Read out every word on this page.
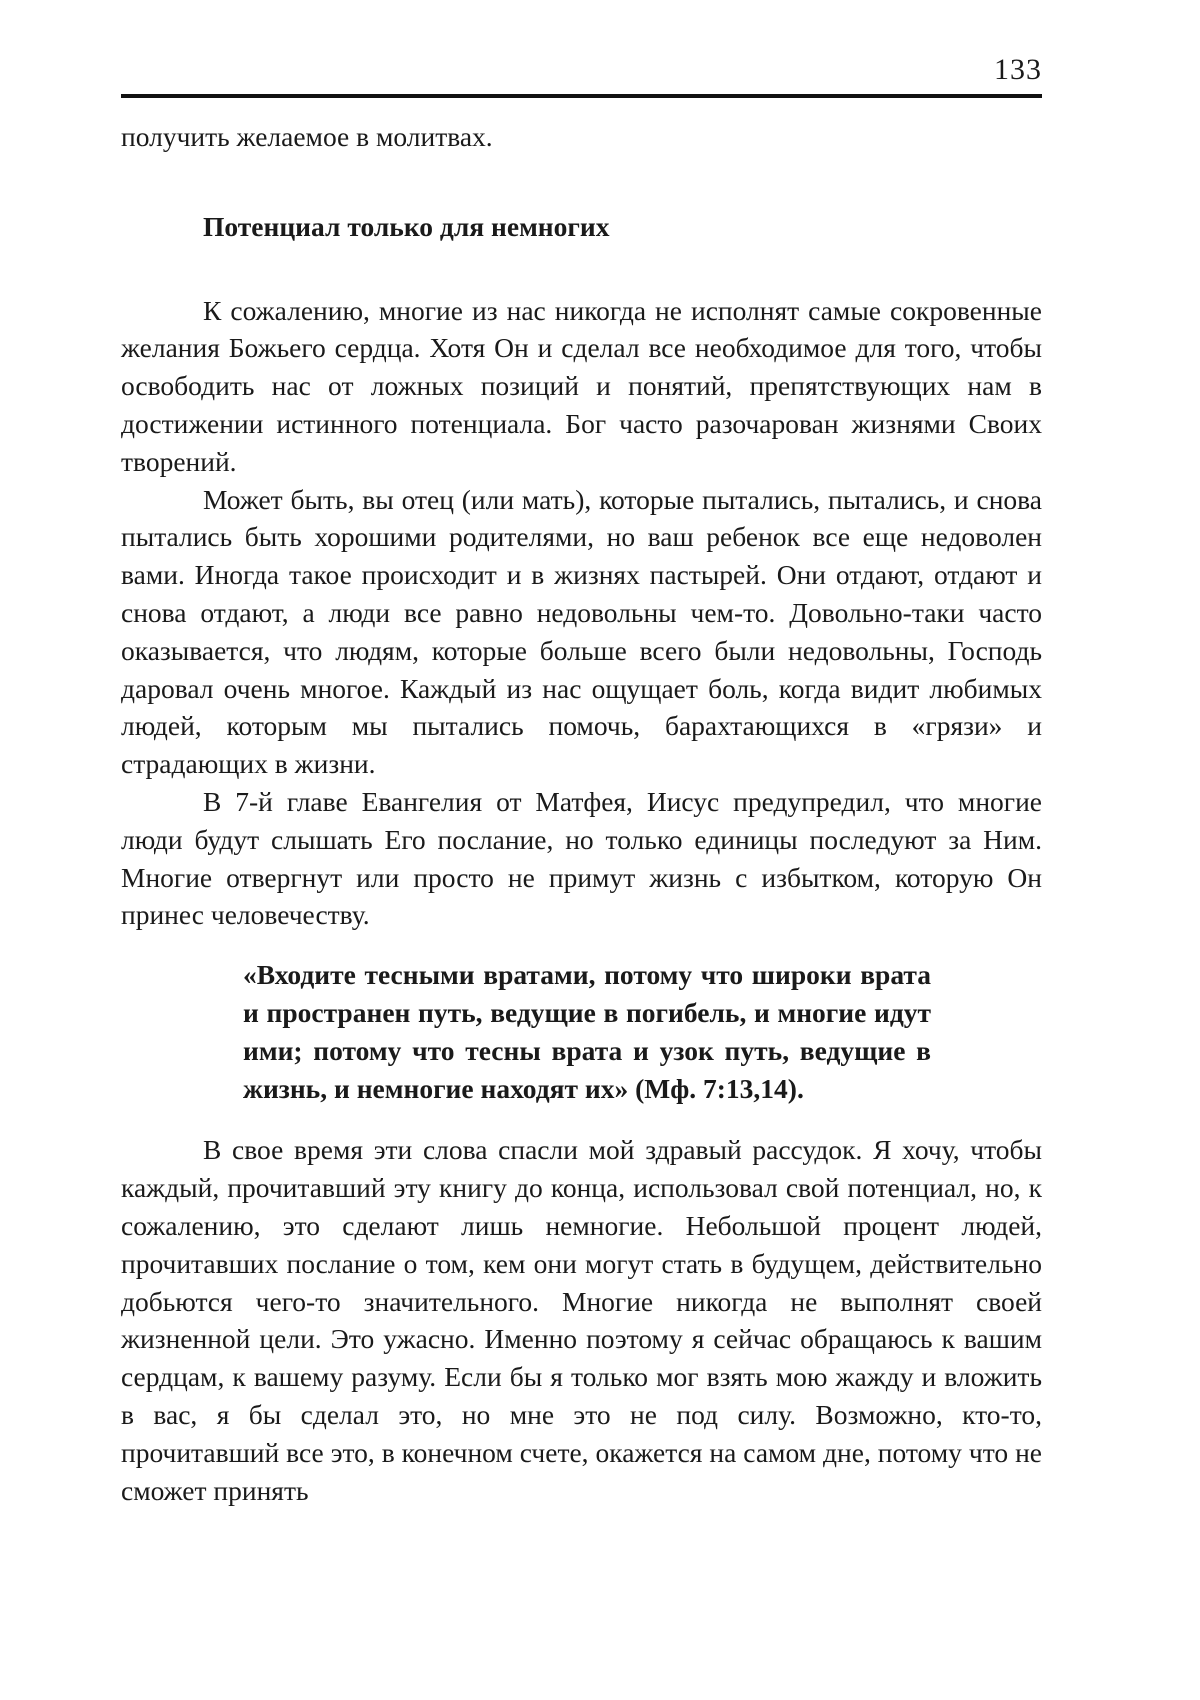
133

получить желаемое в молитвах.

Потенциал только для немногих

К сожалению, многие из нас никогда не исполнят самые сокровенные желания Божьего сердца. Хотя Он и сделал все необходимое для того, чтобы освободить нас от ложных позиций и понятий, препятствующих нам в достижении истинного потенциала. Бог часто разочарован жизнями Своих творений.

Может быть, вы отец (или мать), которые пытались, пытались, и снова пытались быть хорошими родителями, но ваш ребенок все еще недоволен вами. Иногда такое происходит и в жизнях пастырей. Они отдают, отдают и снова отдают, а люди все равно недовольны чем-то. Довольно-таки часто оказывается, что людям, которые больше всего были недовольны, Господь даровал очень многое. Каждый из нас ощущает боль, когда видит любимых людей, которым мы пытались помочь, барахтающихся в «грязи» и страдающих в жизни.

В 7-й главе Евангелия от Матфея, Иисус предупредил, что многие люди будут слышать Его послание, но только единицы последуют за Ним. Многие отвергнут или просто не примут жизнь с избытком, которую Он принес человечеству.

«Входите тесными вратами, потому что широки врата и пространен путь, ведущие в погибель, и многие идут ими; потому что тесны врата и узок путь, ведущие в жизнь, и немногие находят их» (Мф. 7:13,14).

В свое время эти слова спасли мой здравый рассудок. Я хочу, чтобы каждый, прочитавший эту книгу до конца, использовал свой потенциал, но, к сожалению, это сделают лишь немногие. Небольшой процент людей, прочитавших послание о том, кем они могут стать в будущем, действительно добьются чего-то значительного. Многие никогда не выполнят своей жизненной цели. Это ужасно. Именно поэтому я сейчас обращаюсь к вашим сердцам, к вашему разуму. Если бы я только мог взять мою жажду и вложить в вас, я бы сделал это, но мне это не под силу. Возможно, кто-то, прочитавший все это, в конечном счете, окажется на самом дне, потому что не сможет принять
